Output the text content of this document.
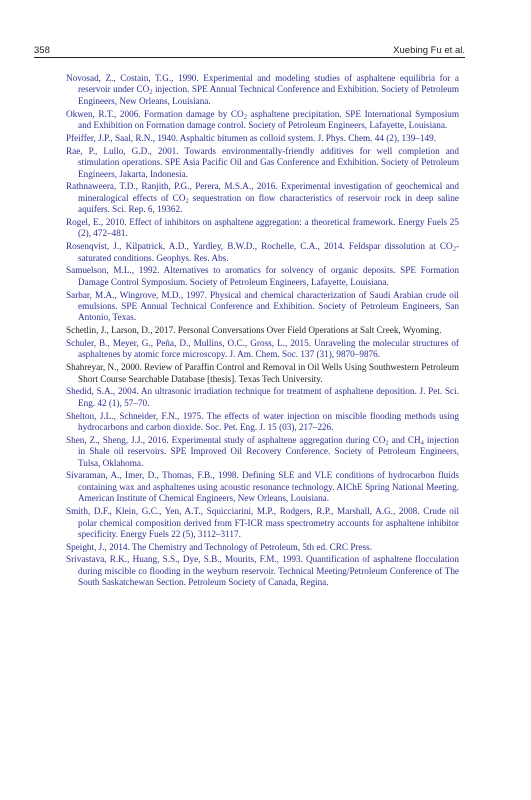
358	Xuebing Fu et al.
Novosad, Z., Costain, T.G., 1990. Experimental and modeling studies of asphaltene equilibria for a reservoir under $CO_2$ injection. SPE Annual Technical Conference and Exhibition. Society of Petroleum Engineers, New Orleans, Louisiana.
Okwen, R.T., 2006. Formation damage by $CO_2$ asphaltene precipitation. SPE International Symposium and Exhibition on Formation damage control. Society of Petroleum Engineers, Lafayette, Louisiana.
Pfeiffer, J.P., Saal, R.N., 1940. Asphaltic bitumen as colloid system. J. Phys. Chem. 44 (2), 139–149.
Rae, P., Lullo, G.D., 2001. Towards environmentally-friendly additives for well completion and stimulation operations. SPE Asia Pacific Oil and Gas Conference and Exhibition. Society of Petroleum Engineers, Jakarta, Indonesia.
Rathnaweera, T.D., Ranjith, P.G., Perera, M.S.A., 2016. Experimental investigation of geochemical and mineralogical effects of $CO_2$ sequestration on flow characteristics of reservoir rock in deep saline aquifers. Sci. Rep. 6, 19362.
Rogel, E., 2010. Effect of inhibitors on asphaltene aggregation: a theoretical framework. Energy Fuels 25 (2), 472–481.
Rosenqvist, J., Kilpatrick, A.D., Yardley, B.W.D., Rochelle, C.A., 2014. Feldspar dissolution at $CO_2$-saturated conditions. Geophys. Res. Abs.
Samuelson, M.L., 1992. Alternatives to aromatics for solvency of organic deposits. SPE Formation Damage Control Symposium. Society of Petroleum Engineers, Lafayette, Louisiana.
Sarbar, M.A., Wingrove, M.D., 1997. Physical and chemical characterization of Saudi Arabian crude oil emulsions. SPE Annual Technical Conference and Exhibition. Society of Petroleum Engineers, San Antonio, Texas.
Schetlin, J., Larson, D., 2017. Personal Conversations Over Field Operations at Salt Creek, Wyoming.
Schuler, B., Meyer, G., Peña, D., Mullins, O.C., Gross, L., 2015. Unraveling the molecular structures of asphaltenes by atomic force microscopy. J. Am. Chem. Soc. 137 (31), 9870–9876.
Shahreyar, N., 2000. Review of Paraffin Control and Removal in Oil Wells Using Southwestern Petroleum Short Course Searchable Database [thesis]. Texas Tech University.
Shedid, S.A., 2004. An ultrasonic irradiation technique for treatment of asphaltene deposition. J. Pet. Sci. Eng. 42 (1), 57–70.
Shelton, J.L., Schneider, F.N., 1975. The effects of water injection on miscible flooding methods using hydrocarbons and carbon dioxide. Soc. Pet. Eng. J. 15 (03), 217–226.
Shen, Z., Sheng, J.J., 2016. Experimental study of asphaltene aggregation during $CO_2$ and $CH_4$ injection in Shale oil reservoirs. SPE Improved Oil Recovery Conference. Society of Petroleum Engineers, Tulsa, Oklahoma.
Sivaraman, A., Imer, D., Thomas, F.B., 1998. Defining SLE and VLE conditions of hydrocarbon fluids containing wax and asphaltenes using acoustic resonance technology. AIChE Spring National Meeting. American Institute of Chemical Engineers, New Orleans, Louisiana.
Smith, D.F., Klein, G.C., Yen, A.T., Squicciarini, M.P., Rodgers, R.P., Marshall, A.G., 2008. Crude oil polar chemical composition derived from FT-ICR mass spectrometry accounts for asphaltene inhibitor specificity. Energy Fuels 22 (5), 3112–3117.
Speight, J., 2014. The Chemistry and Technology of Petroleum, 5th ed. CRC Press.
Srivastava, R.K., Huang, S.S., Dye, S.B., Mourits, F.M., 1993. Quantification of asphaltene flocculation during miscible co flooding in the weyburn reservoir. Technical Meeting/Petroleum Conference of The South Saskatchewan Section. Petroleum Society of Canada, Regina.
